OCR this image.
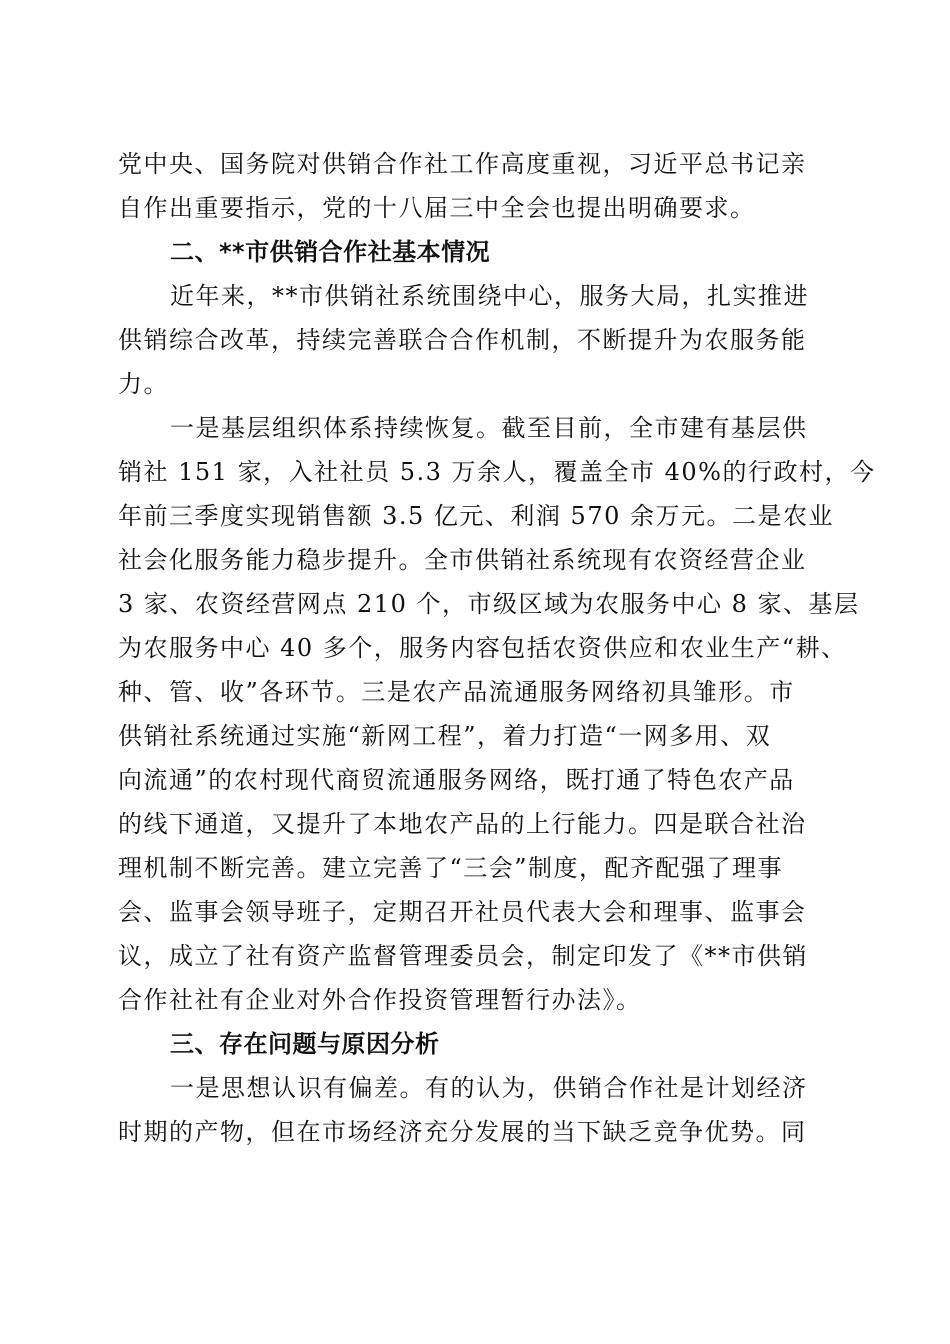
党中央、国务院对供销合作社工作高度重视，习近平总书记亲
自作出重要指示，党的十八届三中全会也提出明确要求。
二、**市供销合作社基本情况
近年来，**市供销社系统围绕中心，服务大局，扎实推进
供销综合改革，持续完善联合合作机制，不断提升为农服务能
力。
一是基层组织体系持续恢复。截至目前，全市建有基层供
销社 151 家，入社社员 5.3 万余人，覆盖全市 40%的行政村，今
年前三季度实现销售额 3.5 亿元、利润 570 余万元。二是农业
社会化服务能力稳步提升。全市供销社系统现有农资经营企业
3 家、农资经营网点 210 个，市级区域为农服务中心 8 家、基层
为农服务中心 40 多个，服务内容包括农资供应和农业生产“耕、
种、管、收”各环节。三是农产品流通服务网络初具雏形。市
供销社系统通过实施“新网工程”，着力打造“一网多用、双
向流通”的农村现代商贸流通服务网络，既打通了特色农产品
的线下通道，又提升了本地农产品的上行能力。四是联合社治
理机制不断完善。建立完善了“三会”制度，配齐配强了理事
会、监事会领导班子，定期召开社员代表大会和理事、监事会
议，成立了社有资产监督管理委员会，制定印发了《**市供销
合作社社有企业对外合作投资管理暂行办法》。
三、存在问题与原因分析
一是思想认识有偏差。有的认为，供销合作社是计划经济
时期的产物，但在市场经济充分发展的当下缺乏竞争优势。同
